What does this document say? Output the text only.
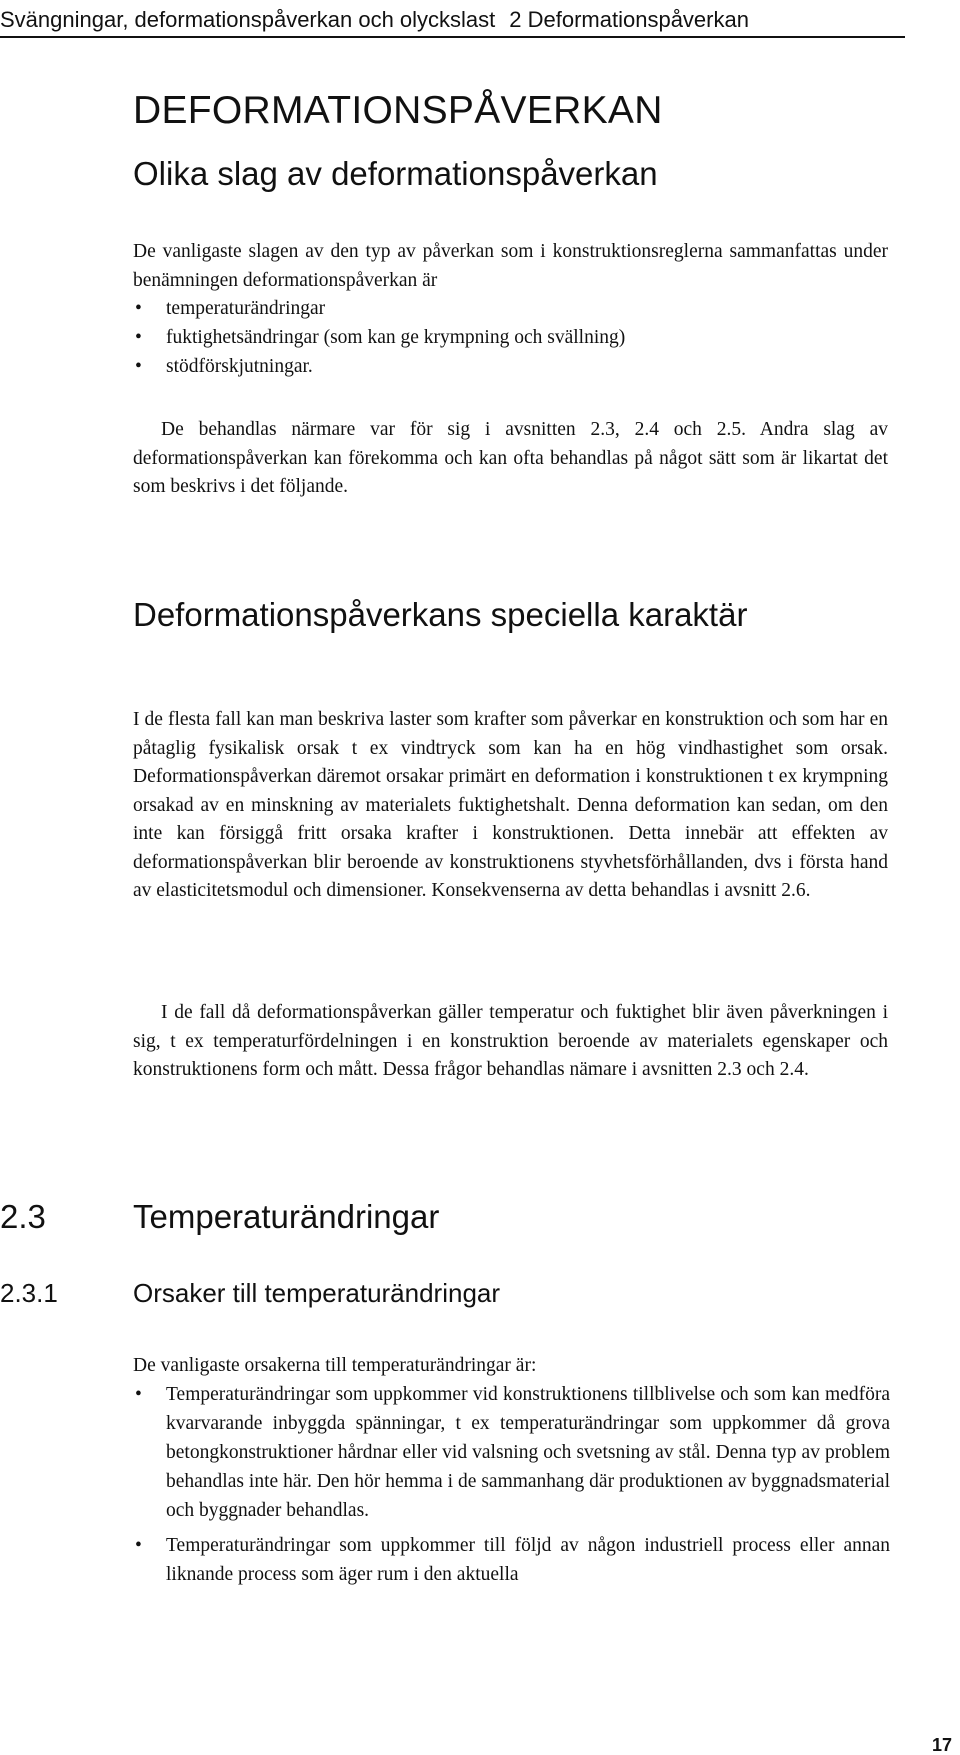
Svängningar, deformationspåverkan och olyckslast 2 Deformationspåverkan
DEFORMATIONSPÅVERKAN
Olika slag av deformationspåverkan

De vanligaste slagen av den typ av påverkan som i konstruktionsreglerna sammanfattas under benämningen deformationspåverkan är

• temperaturändringar
• fuktighetsändringar (som kan ge krympning och svällning)
• stödförskjutningar.

De behandlas närmare var för sig i avsnitten 2.3, 2.4 och 2.5. Andra slag av deformationspåverkan kan förekomma och kan ofta behandlas på något sätt som är likartat det som beskrivs i det följande.

Deformationspåverkans speciella karaktär

I de flesta fall kan man beskriva laster som krafter som påverkar en konstruktion och som har en påtaglig fysikalisk orsak t ex vindtryck som kan ha en hög vindhastighet som orsak. Deformationspåverkan däremot orsakar primärt en deformation i konstruktionen t ex krympning orsakad av en minskning av materialets fuktighetshalt. Denna deformation kan sedan, om den inte kan försiggå fritt orsaka krafter i konstruktionen. Detta innebär att effekten av deformationspåverkan blir beroende av konstruktionens styvhetsförhållanden, dvs i första hand av elasticitetsmodul och dimensioner. Konsekvenserna av detta behandlas i avsnitt 2.6.

I de fall då deformationspåverkan gäller temperatur och fuktighet blir även påverkningen i sig, t ex temperaturfördelningen i en konstruktion beroende av materialets egenskaper och konstruktionens form och mått. Dessa frågor behandlas nämare i avsnitten 2.3 och 2.4.

2.3	Temperaturändringar
2.3.1	Orsaker till temperaturändringar

De vanligaste orsakerna till temperaturändringar är:

• Temperaturändringar som uppkommer vid konstruktionens tillblivelse och som kan medföra kvarvarande inbyggda spänningar, t ex temperaturändringar som uppkommer då grova betongkonstruktioner hårdnar eller vid valsning och svetsning av stål. Denna typ av problem behandlas inte här. Den hör hemma i de sammanhang där produktionen av byggnadsmaterial och byggnader behandlas.
• Temperaturändringar som uppkommer till följd av någon industriell process eller annan liknande process som äger rum i den aktuella
17
